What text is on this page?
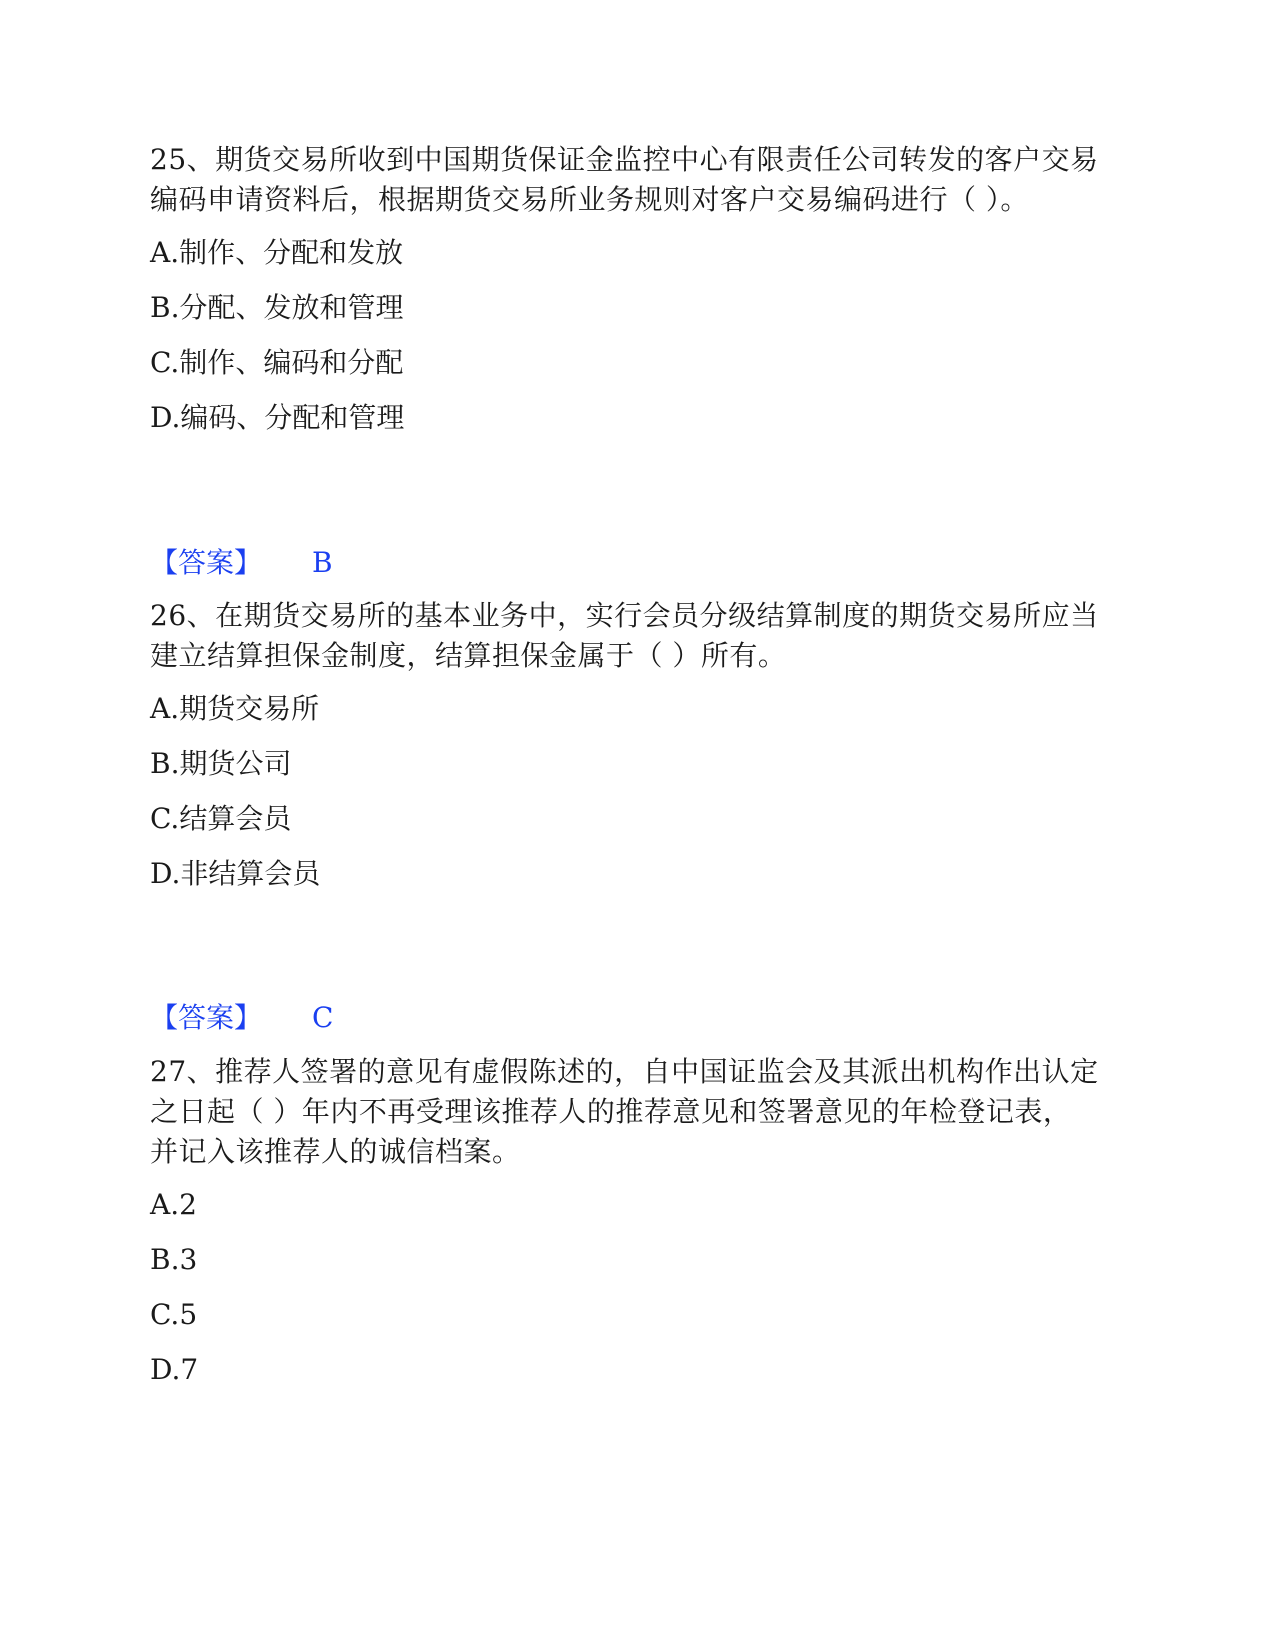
25、期货交易所收到中国期货保证金监控中心有限责任公司转发的客户交易
编码申请资料后，根据期货交易所业务规则对客户交易编码进行（ ）。

A.制作、分配和发放

B.分配、发放和管理

C.制作、编码和分配

D.编码、分配和管理

【答案】 B

26、在期货交易所的基本业务中，实行会员分级结算制度的期货交易所应当
建立结算担保金制度，结算担保金属于（ ）所有。

A.期货交易所

B.期货公司

C.结算会员

D.非结算会员

【答案】 C

27、推荐人签署的意见有虚假陈述的，自中国证监会及其派出机构作出认定
之日起（ ）年内不再受理该推荐人的推荐意见和签署意见的年检登记表，
并记入该推荐人的诚信档案。

A.2

B.3

C.5

D.7
